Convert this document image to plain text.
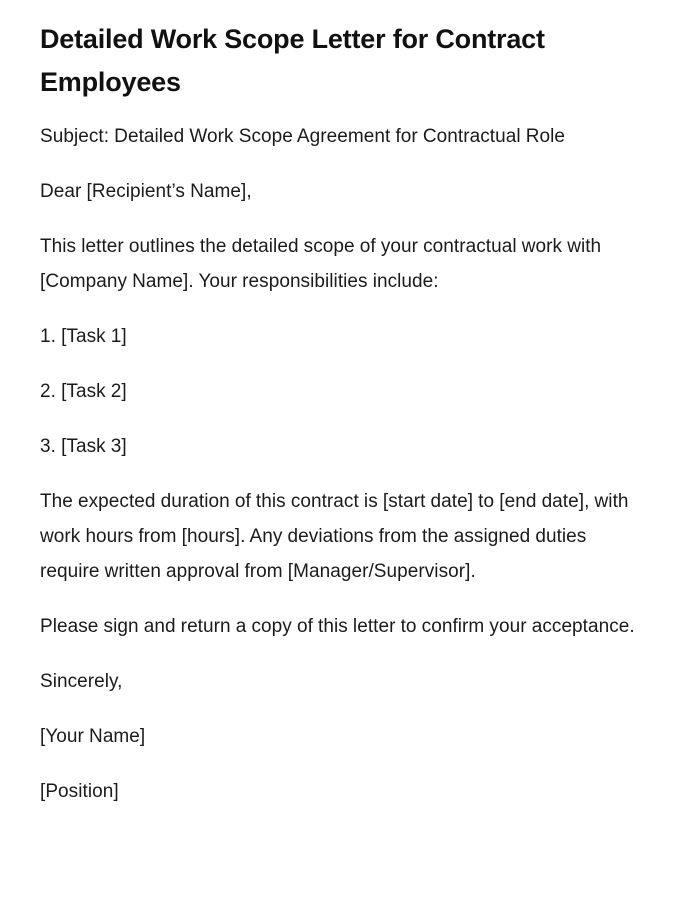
Detailed Work Scope Letter for Contract Employees

Subject: Detailed Work Scope Agreement for Contractual Role

Dear [Recipient’s Name],

This letter outlines the detailed scope of your contractual work with [Company Name]. Your responsibilities include:

1. [Task 1]

2. [Task 2]

3. [Task 3]

The expected duration of this contract is [start date] to [end date], with work hours from [hours]. Any deviations from the assigned duties require written approval from [Manager/Supervisor].

Please sign and return a copy of this letter to confirm your acceptance.

Sincerely,

[Your Name]

[Position]
